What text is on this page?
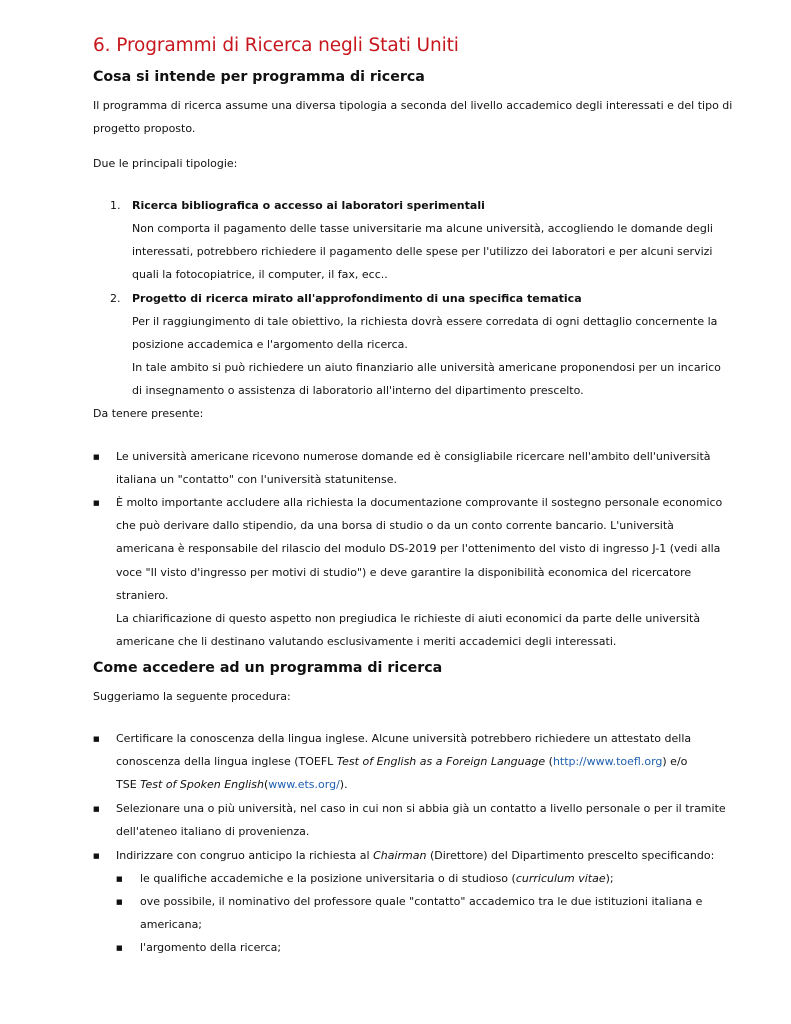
6. Programmi di Ricerca negli Stati Uniti
Cosa si intende per programma di ricerca
Il programma di ricerca assume una diversa tipologia a seconda del livello accademico degli interessati e del tipo di
progetto proposto.
Due le principali tipologie:
1. Ricerca bibliografica o accesso ai laboratori sperimentali
Non comporta il pagamento delle tasse universitarie ma alcune università, accogliendo le domande degli
interessati, potrebbero richiedere il pagamento delle spese per l'utilizzo dei laboratori e per alcuni servizi
quali la fotocopiatrice, il computer, il fax, ecc..
2. Progetto di ricerca mirato all'approfondimento di una specifica tematica
Per il raggiungimento di tale obiettivo, la richiesta dovrà essere corredata di ogni dettaglio concernente la
posizione accademica e l'argomento della ricerca.
In tale ambito si può richiedere un aiuto finanziario alle università americane proponendosi per un incarico
di insegnamento o assistenza di laboratorio all'interno del dipartimento prescelto.
Da tenere presente:
■ Le università americane ricevono numerose domande ed è consigliabile ricercare nell'ambito dell'università
italiana un "contatto" con l'università statunitense.
■ È molto importante accludere alla richiesta la documentazione comprovante il sostegno personale economico
che può derivare dallo stipendio, da una borsa di studio o da un conto corrente bancario. L'università
americana è responsabile del rilascio del modulo DS-2019 per l'ottenimento del visto di ingresso J-1 (vedi alla
voce "Il visto d'ingresso per motivi di studio") e deve garantire la disponibilità economica del ricercatore
straniero.
La chiarificazione di questo aspetto non pregiudica le richieste di aiuti economici da parte delle università
americane che li destinano valutando esclusivamente i meriti accademici degli interessati.
Come accedere ad un programma di ricerca
Suggeriamo la seguente procedura:
■ Certificare la conoscenza della lingua inglese. Alcune università potrebbero richiedere un attestato della
conoscenza della lingua inglese (TOEFL Test of English as a Foreign Language (http://www.toefl.org) e/o
TSE Test of Spoken English(www.ets.org/).
■ Selezionare una o più università, nel caso in cui non si abbia già un contatto a livello personale o per il tramite
dell'ateneo italiano di provenienza.
■ Indirizzare con congruo anticipo la richiesta al Chairman (Direttore) del Dipartimento prescelto specificando:
■ le qualifiche accademiche e la posizione universitaria o di studioso (curriculum vitae);
■ ove possibile, il nominativo del professore quale "contatto" accademico tra le due istituzioni italiana e
americana;
■ l'argomento della ricerca;
